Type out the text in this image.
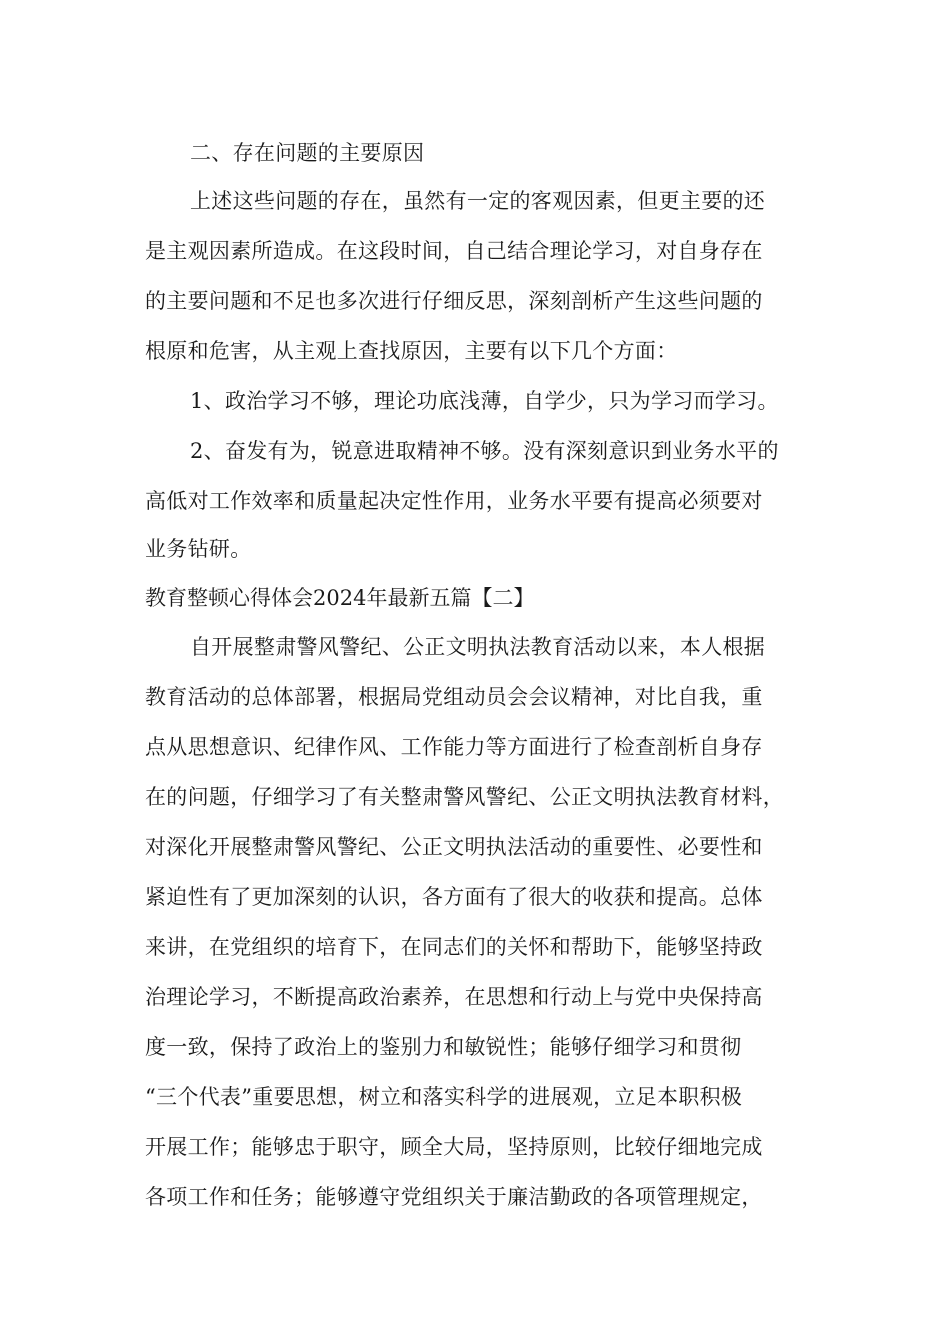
二、存在问题的主要原因
上述这些问题的存在，虽然有一定的客观因素，但更主要的还
是主观因素所造成。在这段时间，自己结合理论学习，对自身存在
的主要问题和不足也多次进行仔细反思，深刻剖析产生这些问题的
根原和危害，从主观上查找原因，主要有以下几个方面：
1、政治学习不够，理论功底浅薄，自学少，只为学习而学习。
2、奋发有为，锐意进取精神不够。没有深刻意识到业务水平的
高低对工作效率和质量起决定性作用，业务水平要有提高必须要对
业务钻研。
教育整顿心得体会2024年最新五篇【二】
自开展整肃警风警纪、公正文明执法教育活动以来，本人根据
教育活动的总体部署，根据局党组动员会会议精神，对比自我，重
点从思想意识、纪律作风、工作能力等方面进行了检查剖析自身存
在的问题，仔细学习了有关整肃警风警纪、公正文明执法教育材料，
对深化开展整肃警风警纪、公正文明执法活动的重要性、必要性和
紧迫性有了更加深刻的认识，各方面有了很大的收获和提高。总体
来讲，在党组织的培育下，在同志们的关怀和帮助下，能够坚持政
治理论学习，不断提高政治素养，在思想和行动上与党中央保持高
度一致，保持了政治上的鉴别力和敏锐性；能够仔细学习和贯彻
“三个代表”重要思想，树立和落实科学的进展观，立足本职积极
开展工作；能够忠于职守，顾全大局，坚持原则，比较仔细地完成
各项工作和任务；能够遵守党组织关于廉洁勤政的各项管理规定，
